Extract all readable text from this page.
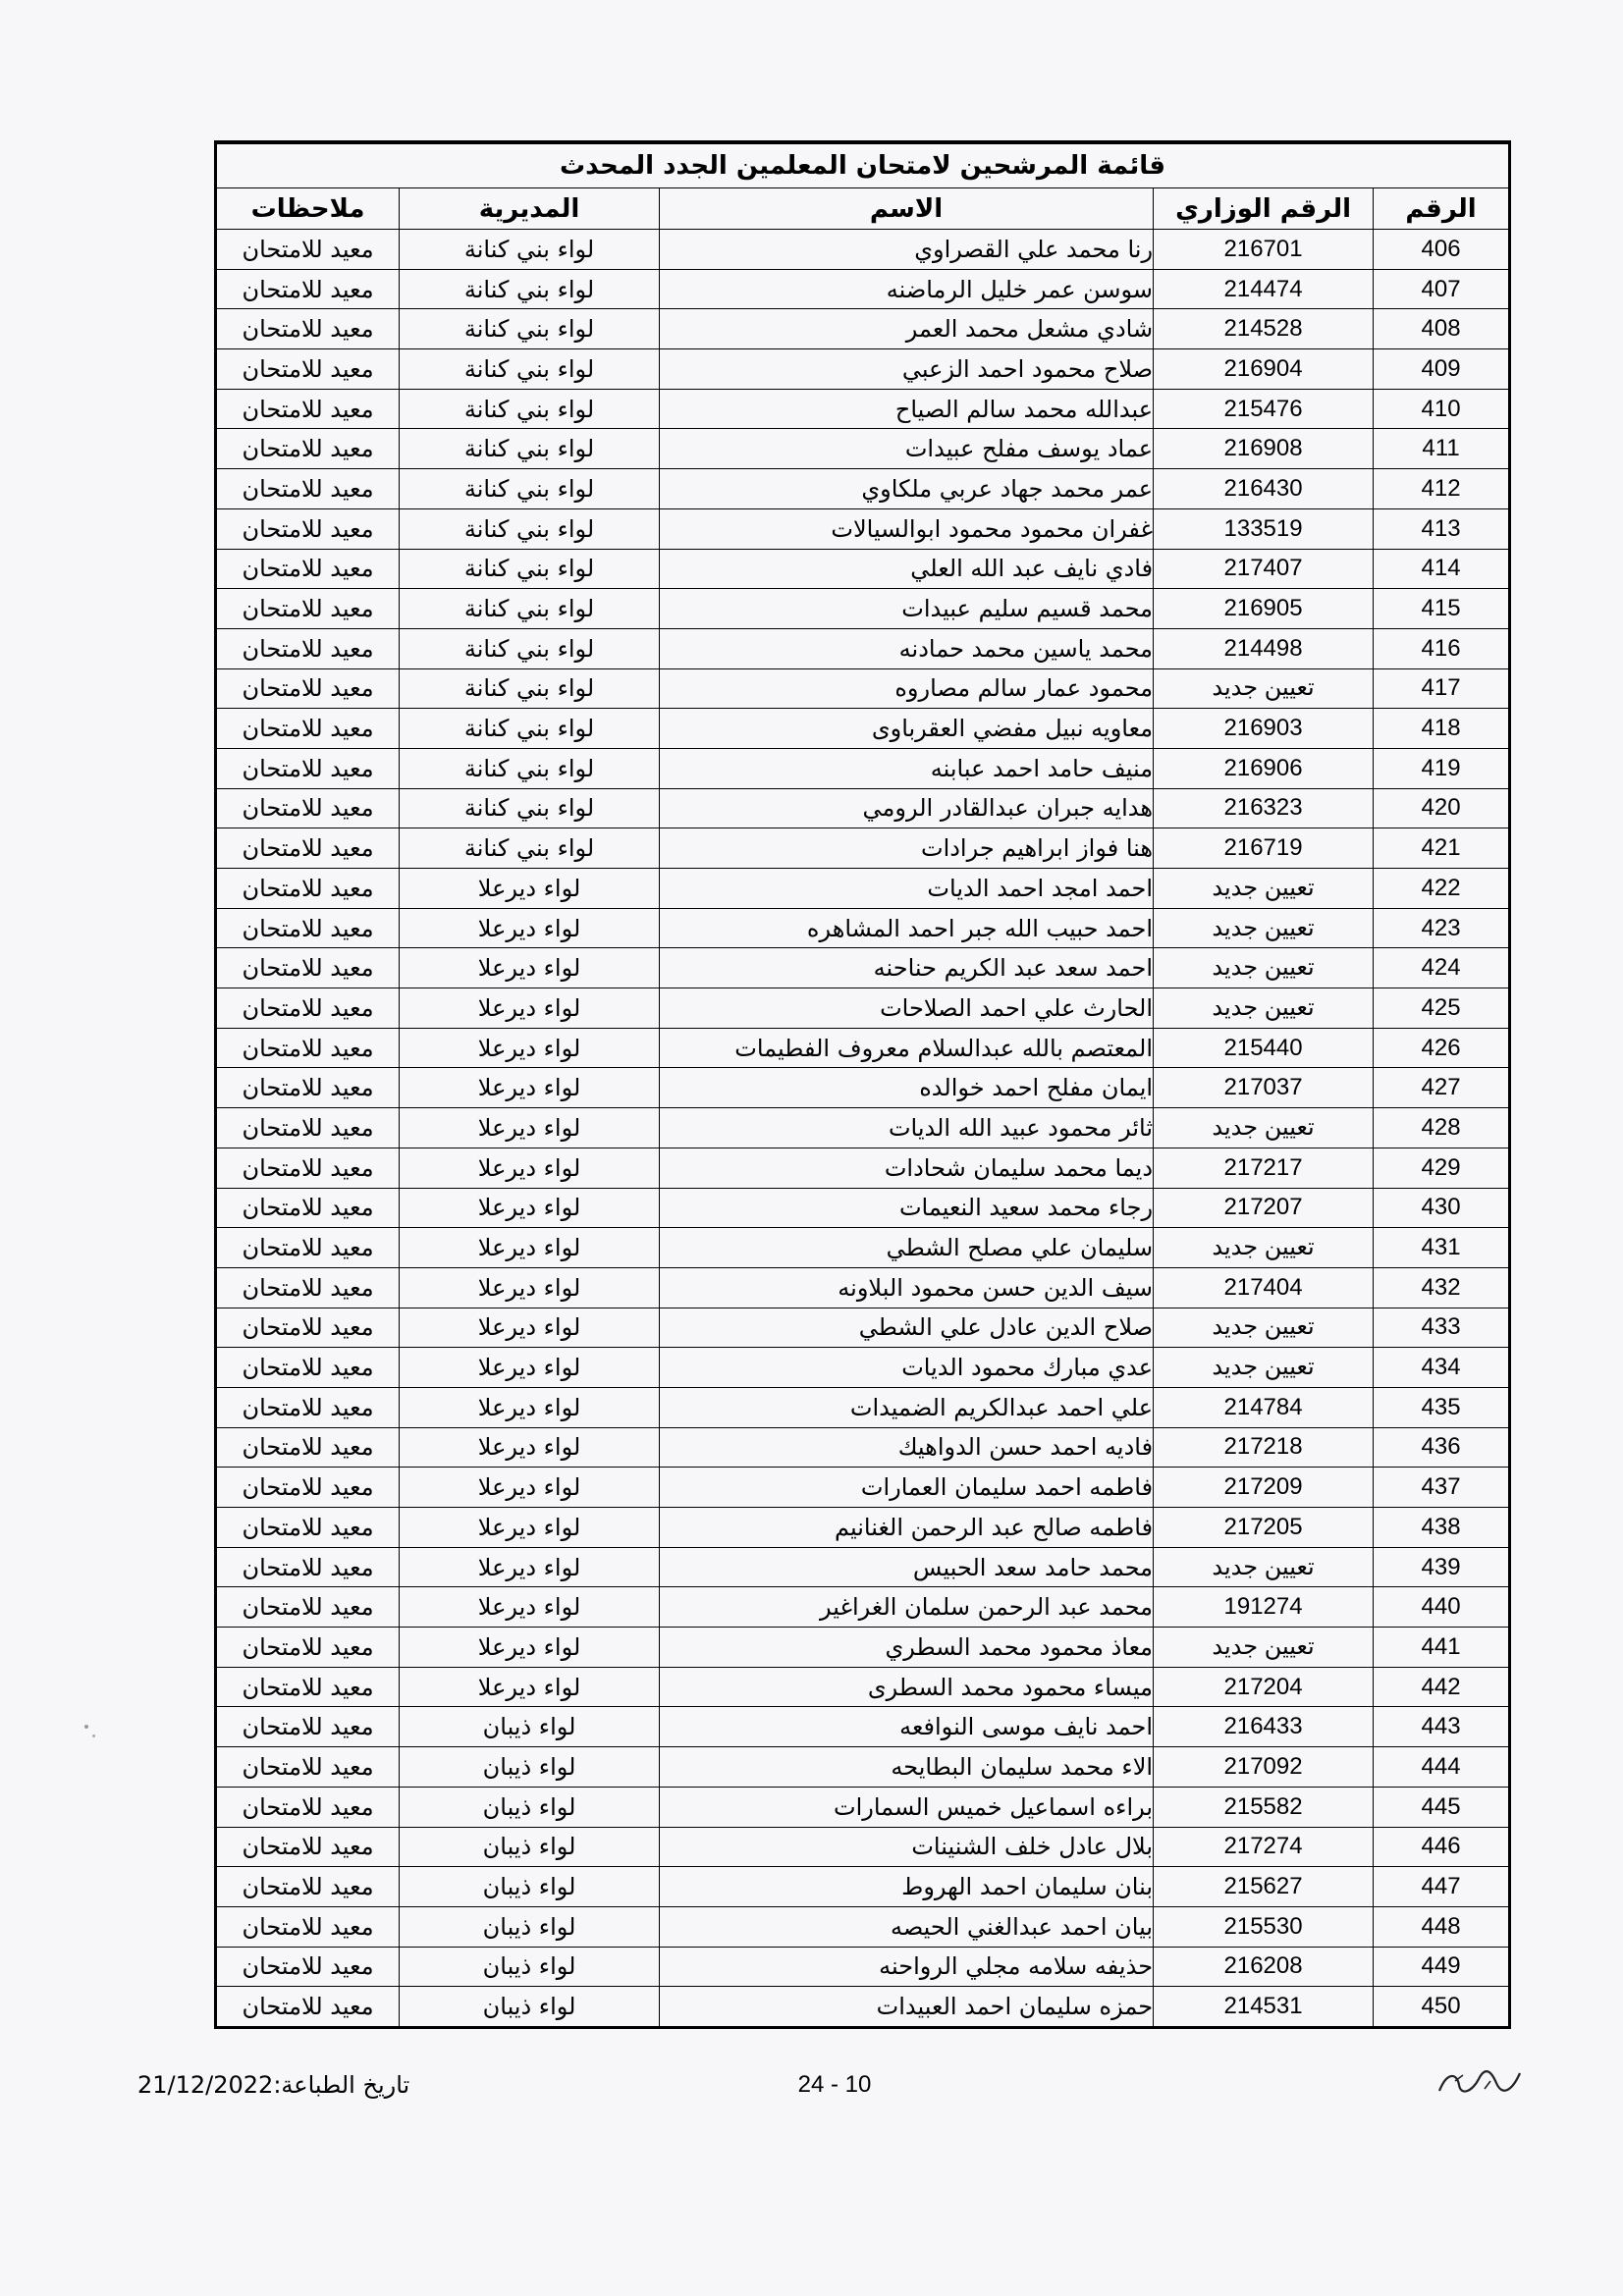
قائمة المرشحين لامتحان المعلمين الجدد المحدث				
الرقم	الرقم الوزاري	الاسم	المديرية	ملاحظات
406	216701	رنا محمد علي القصراوي	لواء بني كنانة	معيد للامتحان
407	214474	سوسن عمر خليل الرماضنه	لواء بني كنانة	معيد للامتحان
408	214528	شادي مشعل محمد العمر	لواء بني كنانة	معيد للامتحان
409	216904	صلاح محمود احمد الزعبي	لواء بني كنانة	معيد للامتحان
410	215476	عبدالله محمد سالم الصياح	لواء بني كنانة	معيد للامتحان
411	216908	عماد يوسف مفلح عبيدات	لواء بني كنانة	معيد للامتحان
412	216430	عمر محمد جهاد عربي ملكاوي	لواء بني كنانة	معيد للامتحان
413	133519	غفران محمود محمود ابوالسيالات	لواء بني كنانة	معيد للامتحان
414	217407	فادي نايف عبد الله العلي	لواء بني كنانة	معيد للامتحان
415	216905	محمد قسيم سليم عبيدات	لواء بني كنانة	معيد للامتحان
416	214498	محمد ياسين محمد حمادنه	لواء بني كنانة	معيد للامتحان
417	تعيين جديد	محمود عمار سالم مصاروه	لواء بني كنانة	معيد للامتحان
418	216903	معاويه نبيل مفضي العقرباوى	لواء بني كنانة	معيد للامتحان
419	216906	منيف حامد احمد عبابنه	لواء بني كنانة	معيد للامتحان
420	216323	هدايه جبران عبدالقادر الرومي	لواء بني كنانة	معيد للامتحان
421	216719	هنا فواز ابراهيم جرادات	لواء بني كنانة	معيد للامتحان
422	تعيين جديد	احمد امجد احمد الديات	لواء ديرعلا	معيد للامتحان
423	تعيين جديد	احمد حبيب الله جبر احمد المشاهره	لواء ديرعلا	معيد للامتحان
424	تعيين جديد	احمد سعد عبد الكريم حناحنه	لواء ديرعلا	معيد للامتحان
425	تعيين جديد	الحارث علي احمد الصلاحات	لواء ديرعلا	معيد للامتحان
426	215440	المعتصم بالله عبدالسلام معروف الفطيمات	لواء ديرعلا	معيد للامتحان
427	217037	ايمان مفلح احمد خوالده	لواء ديرعلا	معيد للامتحان
428	تعيين جديد	ثائر محمود عبيد الله الديات	لواء ديرعلا	معيد للامتحان
429	217217	ديما محمد سليمان شحادات	لواء ديرعلا	معيد للامتحان
430	217207	رجاء محمد سعيد النعيمات	لواء ديرعلا	معيد للامتحان
431	تعيين جديد	سليمان علي مصلح الشطي	لواء ديرعلا	معيد للامتحان
432	217404	سيف الدين حسن محمود البلاونه	لواء ديرعلا	معيد للامتحان
433	تعيين جديد	صلاح الدين عادل علي الشطي	لواء ديرعلا	معيد للامتحان
434	تعيين جديد	عدي مبارك محمود الديات	لواء ديرعلا	معيد للامتحان
435	214784	علي احمد عبدالكريم الضميدات	لواء ديرعلا	معيد للامتحان
436	217218	فاديه احمد حسن الدواهيك	لواء ديرعلا	معيد للامتحان
437	217209	فاطمه احمد سليمان العمارات	لواء ديرعلا	معيد للامتحان
438	217205	فاطمه صالح عبد الرحمن الغنانيم	لواء ديرعلا	معيد للامتحان
439	تعيين جديد	محمد حامد سعد الحبيس	لواء ديرعلا	معيد للامتحان
440	191274	محمد عبد الرحمن سلمان الغراغير	لواء ديرعلا	معيد للامتحان
441	تعيين جديد	معاذ محمود محمد السطري	لواء ديرعلا	معيد للامتحان
442	217204	ميساء محمود محمد السطرى	لواء ديرعلا	معيد للامتحان
443	216433	احمد نايف موسى النوافعه	لواء ذيبان	معيد للامتحان
444	217092	الاء محمد سليمان البطايحه	لواء ذيبان	معيد للامتحان
445	215582	براءه اسماعيل خميس السمارات	لواء ذيبان	معيد للامتحان
446	217274	بلال عادل خلف الشنينات	لواء ذيبان	معيد للامتحان
447	215627	بنان سليمان احمد الهروط	لواء ذيبان	معيد للامتحان
448	215530	بيان احمد عبدالغني الحيصه	لواء ذيبان	معيد للامتحان
449	216208	حذيفه سلامه مجلي الرواحنه	لواء ذيبان	معيد للامتحان
450	214531	حمزه سليمان احمد العبيدات	لواء ذيبان	معيد للامتحان
تاريخ الطباعة:21/12/2022	24 - 10
